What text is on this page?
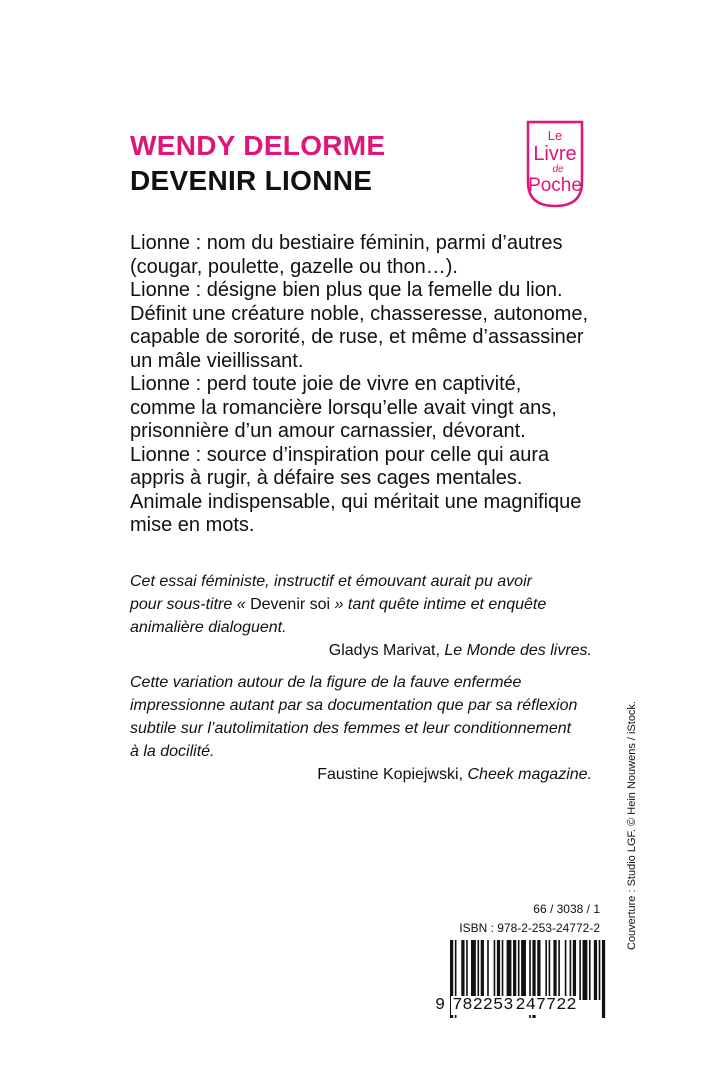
WENDY DELORME
DEVENIR LIONNE
Le
Livre
de
Poche
Lionne : nom du bestiaire féminin, parmi d’autres
(cougar, poulette, gazelle ou thon…).
Lionne : désigne bien plus que la femelle du lion.
Définit une créature noble, chasseresse, autonome,
capable de sororité, de ruse, et même d’assassiner
un mâle vieillissant.
Lionne : perd toute joie de vivre en captivité,
comme la romancière lorsqu’elle avait vingt ans,
prisonnière d’un amour carnassier, dévorant.
Lionne : source d’inspiration pour celle qui aura
appris à rugir, à défaire ses cages mentales.
Animale indispensable, qui méritait une magnifique
mise en mots.
Cet essai féministe, instructif et émouvant aurait pu avoir
pour sous-titre « Devenir soi » tant quête intime et enquête
animalière dialoguent.
Gladys Marivat, Le Monde des livres.
Cette variation autour de la figure de la fauve enfermée
impressionne autant par sa documentation que par sa réflexion
subtile sur l’autolimitation des femmes et leur conditionnement
à la docilité.
Faustine Kopiejwski, Cheek magazine.	Couverture : Studio LGF. © Hein Nouwens / iStock.
66 / 3038 / 1
ISBN : 978-2-253-24772-2
9 782253 247722
